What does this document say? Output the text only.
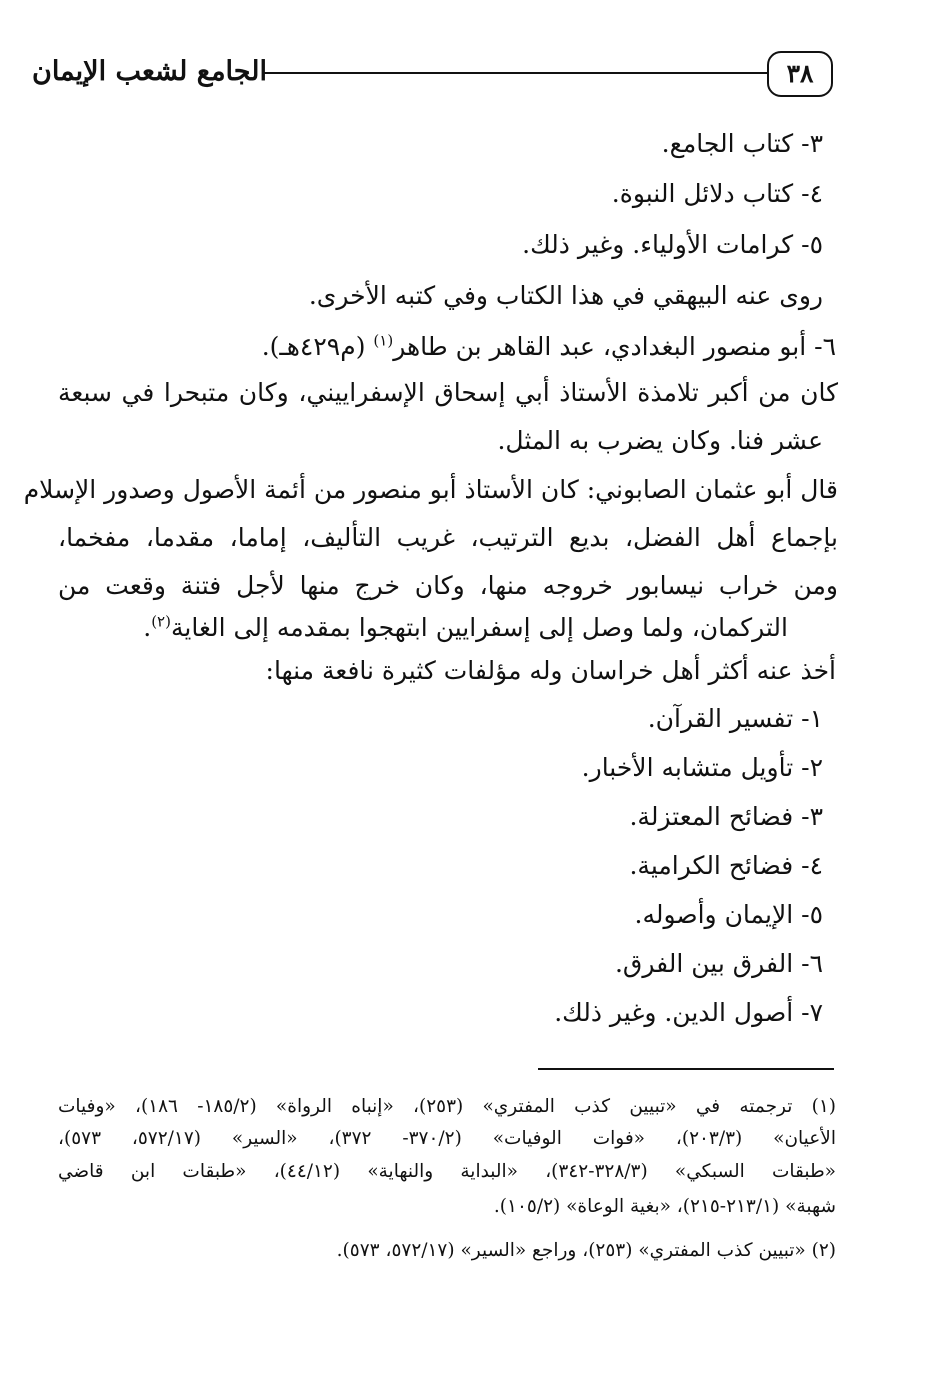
الجامع لشعب الإيمان	٣٨
٣- كتاب الجامع.
٤- كتاب دلائل النبوة.
٥- كرامات الأولياء. وغير ذلك.
روى عنه البيهقي في هذا الكتاب وفي كتبه الأخرى.
٦- أبو منصور البغدادي، عبد القاهر بن طاهر$^{(١)}$ (م٤٢٩هـ).
كان من أكبر تلامذة الأستاذ أبي إسحاق الإسفراييني، وكان متبحرا في سبعة
عشر فنا. وكان يضرب به المثل.
قال أبو عثمان الصابوني: كان الأستاذ أبو منصور من أئمة الأصول وصدور الإسلام
بإجماع أهل الفضل، بديع الترتيب، غريب التأليف، إماما، مقدما، مفخما،
ومن خراب نيسابور خروجه منها، وكان خرج منها لأجل فتنة وقعت من
التركمان، ولما وصل إلى إسفرايين ابتهجوا بمقدمه إلى الغاية$^{(٢)}$.
أخذ عنه أكثر أهل خراسان وله مؤلفات كثيرة نافعة منها:
١- تفسير القرآن.
٢- تأويل متشابه الأخبار.
٣- فضائح المعتزلة.
٤- فضائح الكرامية.
٥- الإيمان وأصوله.
٦- الفرق بين الفرق.
٧- أصول الدين. وغير ذلك.
(١) ترجمته في «تبيين كذب المفتري» (٢٥٣)، «إنباه الرواة» (١٨٥/٢- ١٨٦)، «وفيات
الأعيان» (٢٠٣/٣)، «فوات الوفيات» (٣٧٠/٢- ٣٧٢)، «السير» (٥٧٢/١٧، ٥٧٣)،
«طبقات السبكي» (٣٢٨/٣-٣٤٢)، «البداية والنهاية» (٤٤/١٢)، «طبقات ابن قاضي
شهبة» (٢١٣/١-٢١٥)، «بغية الوعاة» (١٠٥/٢).
(٢) «تبيين كذب المفتري» (٢٥٣)، وراجع «السير» (٥٧٢/١٧، ٥٧٣).
